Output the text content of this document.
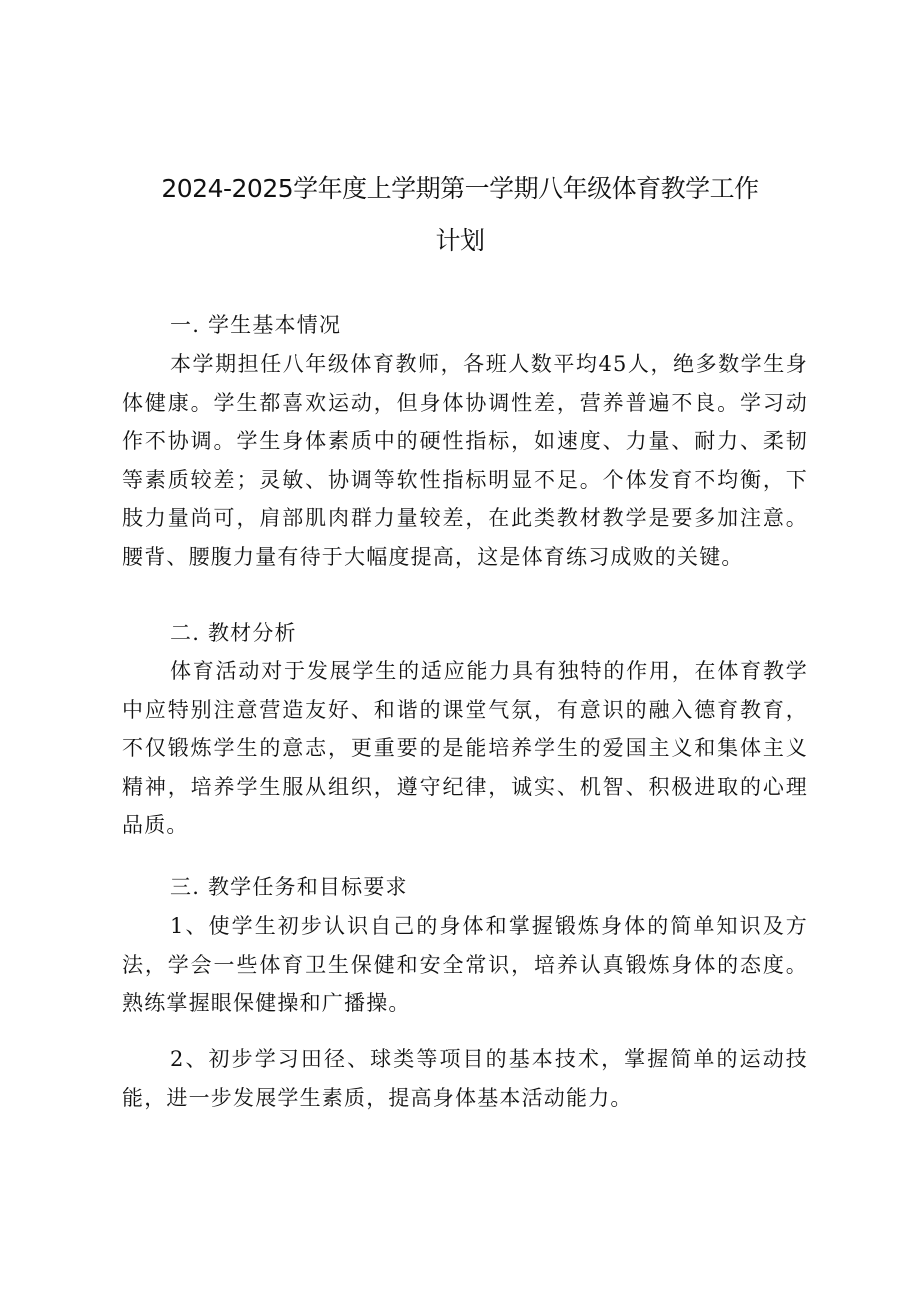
2024-2025学年度上学期第一学期八年级体育教学工作
计划

一. 学生基本情况

本学期担任八年级体育教师，各班人数平均45人，绝多数学生身体健康。学生都喜欢运动，但身体协调性差，营养普遍不良。学习动作不协调。学生身体素质中的硬性指标，如速度、力量、耐力、柔韧等素质较差；灵敏、协调等软性指标明显不足。个体发育不均衡，下肢力量尚可，肩部肌肉群力量较差，在此类教材教学是要多加注意。腰背、腰腹力量有待于大幅度提高，这是体育练习成败的关键。

二. 教材分析

体育活动对于发展学生的适应能力具有独特的作用，在体育教学中应特别注意营造友好、和谐的课堂气氛，有意识的融入德育教育，不仅锻炼学生的意志，更重要的是能培养学生的爱国主义和集体主义精神，培养学生服从组织，遵守纪律，诚实、机智、积极进取的心理品质。

三. 教学任务和目标要求

1、使学生初步认识自己的身体和掌握锻炼身体的简单知识及方法，学会一些体育卫生保健和安全常识，培养认真锻炼身体的态度。熟练掌握眼保健操和广播操。

2、初步学习田径、球类等项目的基本技术，掌握简单的运动技能，进一步发展学生素质，提高身体基本活动能力。
